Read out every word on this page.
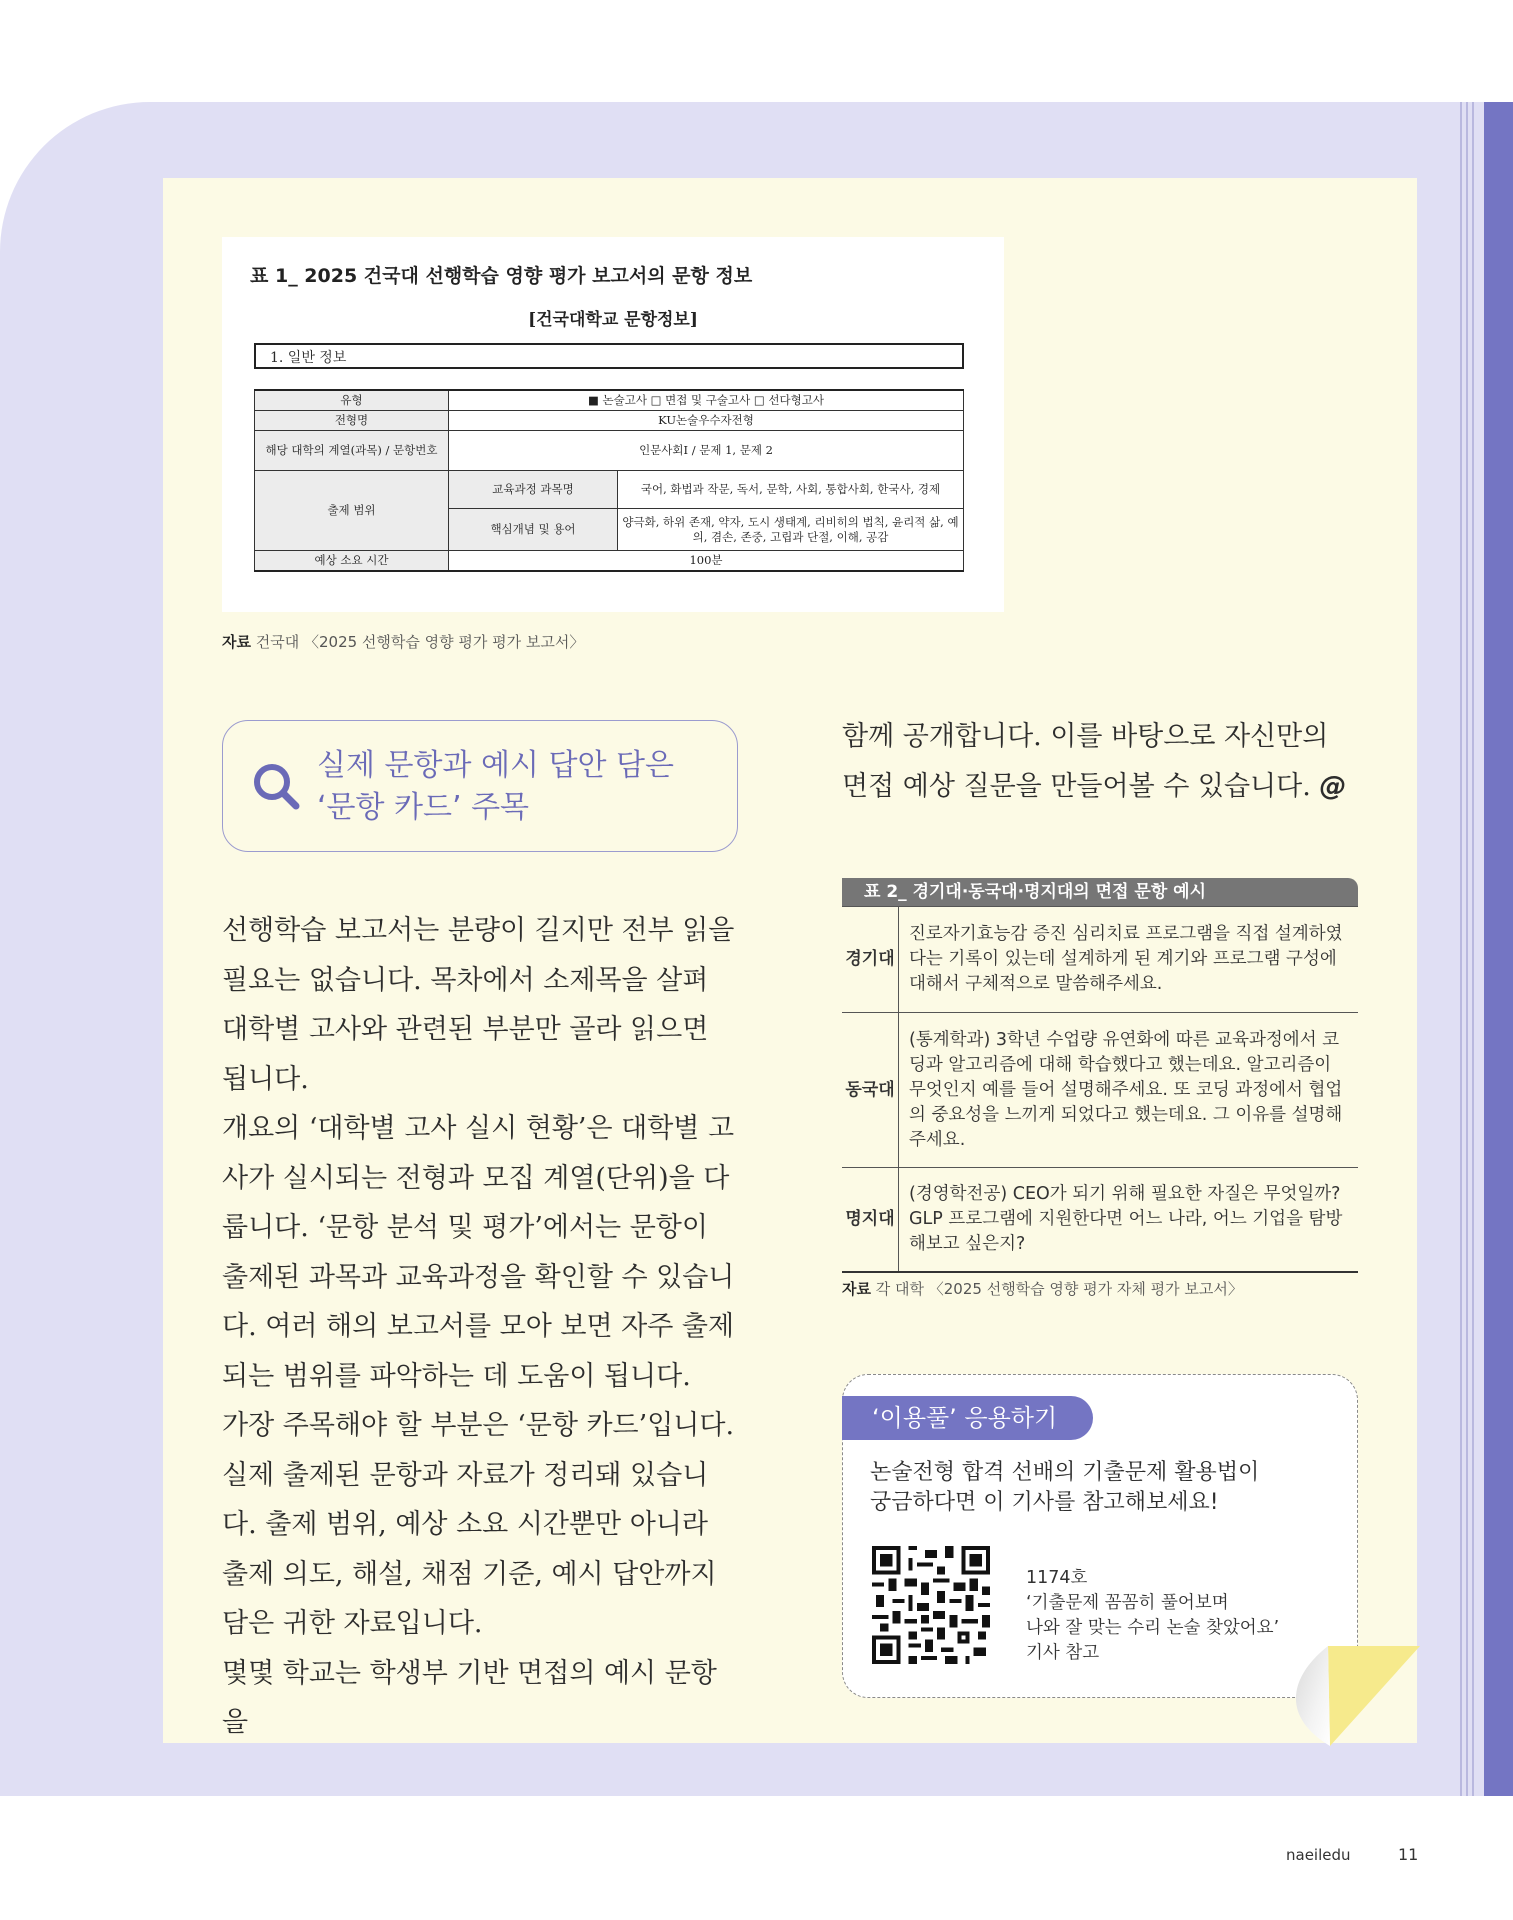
표 1_ 2025 건국대 선행학습 영향 평가 보고서의 문항 정보
[건국대학교 문항정보]
1. 일반 정보
유형	■ 논술고사 □ 면접 및 구술고사 □ 선다형고사	
전형명	KU논술우수자전형	
해당 대학의 계열(과목) / 문항번호	인문사회Ⅰ / 문제 1, 문제 2	
출제 범위	교육과정 과목명	국어, 화법과 작문, 독서, 문학, 사회, 통합사회, 한국사, 경제
	핵심개념 및 용어	양극화, 하위 존재, 약자, 도시 생태계, 리비히의 법칙, 윤리적 삶, 예의, 겸손, 존중, 고립과 단절, 이해, 공감
예상 소요 시간	100분	
자료 건국대 〈2025 선행학습 영향 평가 평가 보고서〉
실제 문항과 예시 답안 담은
‘문항 카드’ 주목

선행학습 보고서는 분량이 길지만 전부 읽을 필요는 없습니다. 목차에서 소제목을 살펴 대학별 고사와 관련된 부분만 골라 읽으면 됩니다.

개요의 ‘대학별 고사 실시 현황’은 대학별 고사가 실시되는 전형과 모집 계열(단위)을 다룹니다. ‘문항 분석 및 평가’에서는 문항이 출제된 과목과 교육과정을 확인할 수 있습니다. 여러 해의 보고서를 모아 보면 자주 출제되는 범위를 파악하는 데 도움이 됩니다.

가장 주목해야 할 부분은 ‘문항 카드’입니다. 실제 출제된 문항과 자료가 정리돼 있습니다. 출제 범위, 예상 소요 시간뿐만 아니라 출제 의도, 해설, 채점 기준, 예시 답안까지 담은 귀한 자료입니다.

몇몇 학교는 학생부 기반 면접의 예시 문항을

함께 공개합니다. 이를 바탕으로 자신만의 면접 예상 질문을 만들어볼 수 있습니다. @
표 2_ 경기대·동국대·명지대의 면접 문항 예시
경기대	진로자기효능감 증진 심리치료 프로그램을 직접 설계하였다는 기록이 있는데 설계하게 된 계기와 프로그램 구성에 대해서 구체적으로 말씀해주세요.
동국대	(통계학과) 3학년 수업량 유연화에 따른 교육과정에서 코딩과 알고리즘에 대해 학습했다고 했는데요. 알고리즘이 무엇인지 예를 들어 설명해주세요. 또 코딩 과정에서 협업의 중요성을 느끼게 되었다고 했는데요. 그 이유를 설명해주세요.
명지대	(경영학전공) CEO가 되기 위해 필요한 자질은 무엇일까? GLP 프로그램에 지원한다면 어느 나라, 어느 기업을 탐방해보고 싶은지?
자료 각 대학 〈2025 선행학습 영향 평가 자체 평가 보고서〉
‘이용풀’ 응용하기
논술전형 합격 선배의 기출문제 활용법이
궁금하다면 이 기사를 참고해보세요!
1174호
‘기출문제 꼼꼼히 풀어보며
나와 잘 맞는 수리 논술 찾았어요’
기사 참고
naeiledu	11
